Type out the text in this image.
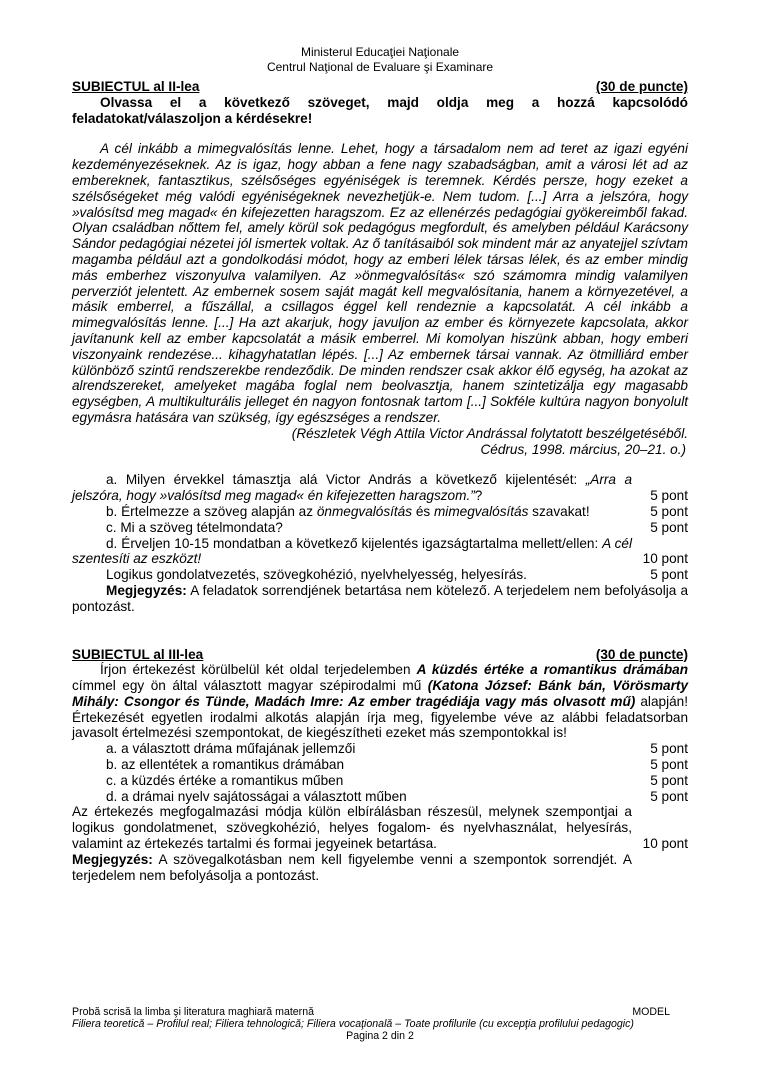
Ministerul Educaţiei Naţionale
Centrul Naţional de Evaluare şi Examinare
SUBIECTUL al II-lea	(30 de puncte)
Olvassa el a következő szöveget, majd oldja meg a hozzá kapcsolódó feladatokat/válaszoljon a kérdésekre!
A cél inkább a mimegvalósítás lenne. Lehet, hogy a társadalom nem ad teret az igazi egyéni kezdeményezéseknek. Az is igaz, hogy abban a fene nagy szabadságban, amit a városi lét ad az embereknek, fantasztikus, szélsőséges egyéniségek is teremnek. Kérdés persze, hogy ezeket a szélsőségeket még valódi egyéniségeknek nevezhetjük-e. Nem tudom. [...] Arra a jelszóra, hogy »valósítsd meg magad« én kifejezetten haragszom. Ez az ellenérzés pedagógiai gyökereimből fakad. Olyan családban nőttem fel, amely körül sok pedagógus megfordult, és amelyben például Karácsony Sándor pedagógiai nézetei jól ismertek voltak. Az ő tanításaiból sok mindent már az anyatejjel szívtam magamba például azt a gondolkodási módot, hogy az emberi lélek társas lélek, és az ember mindig más emberhez viszonyulva valamilyen. Az »önmegvalósítás« szó számomra mindig valamilyen perverziót jelentett. Az embernek sosem saját magát kell megvalósítania, hanem a környezetével, a másik emberrel, a fűszállal, a csillagos éggel kell rendeznie a kapcsolatát. A cél inkább a mimegvalósítás lenne. [...] Ha azt akarjuk, hogy javuljon az ember és környezete kapcsolata, akkor javítanunk kell az ember kapcsolatát a másik emberrel. Mi komolyan hiszünk abban, hogy emberi viszonyaink rendezése... kihagyhatatlan lépés. [...] Az embernek társai vannak. Az ötmilliárd ember különböző szintű rendszerekbe rendeződik. De minden rendszer csak akkor élő egység, ha azokat az alrendszereket, amelyeket magába foglal nem beolvasztja, hanem szintetizálja egy magasabb egységben, A multikulturális jelleget én nagyon fontosnak tartom [...] Sokféle kultúra nagyon bonyolult egymásra hatására van szükség, így egészséges a rendszer.
(Részletek Végh Attila Victor Andrással folytatott beszélgetéséből.
Cédrus, 1998. március, 20–21. o.)
a. Milyen érvekkel támasztja alá Victor András a következő kijelentését: „Arra a jelszóra, hogy »valósítsd meg magad« én kifejezetten haragszom.”?	5 pont
b. Értelmezze a szöveg alapján az önmegvalósítás és mimegvalósítás szavakat!	5 pont
c. Mi a szöveg tételmondata?	5 pont
d. Érveljen 10-15 mondatban a következő kijelentés igazságtartalma mellett/ellen: A cél szentesíti az eszközt!	10 pont
Logikus gondolatvezetés, szövegkohézió, nyelvhelyesség, helyesírás.	5 pont
Megjegyzés: A feladatok sorrendjének betartása nem kötelező. A terjedelem nem befolyásolja a pontozást.
SUBIECTUL al III-lea	(30 de puncte)
Írjon értekezést körülbelül két oldal terjedelemben A küzdés értéke a romantikus drámában címmel egy ön által választott magyar szépirodalmi mű (Katona József: Bánk bán, Vörösmarty Mihály: Csongor és Tünde, Madách Imre: Az ember tragédiája vagy más olvasott mű) alapján! Értekezését egyetlen irodalmi alkotás alapján írja meg, figyelembe véve az alábbi feladatsorban javasolt értelmezési szempontokat, de kiegészítheti ezeket más szempontokkal is!
a. a választott dráma műfajának jellemzői	5 pont
b. az ellentétek a romantikus drámában	5 pont
c. a küzdés értéke a romantikus műben	5 pont
d. a drámai nyelv sajátosságai a választott műben	5 pont
Az értekezés megfogalmazási módja külön elbírálásban részesül, melynek szempontjai a logikus gondolatmenet, szövegkohézió, helyes fogalom- és nyelvhasználat, helyesírás, valamint az értekezés tartalmi és formai jegyeinek betartása.	10 pont
Megjegyzés: A szövegalkotásban nem kell figyelembe venni a szempontok sorrendjét. A terjedelem nem befolyásolja a pontozást.
Probă scrisă la limba şi literatura maghiară maternă	MODEL
Filiera teoretică – Profilul real; Filiera tehnologică; Filiera vocaţională – Toate profilurile (cu excepţia profilului pedagogic)
Pagina 2 din 2
